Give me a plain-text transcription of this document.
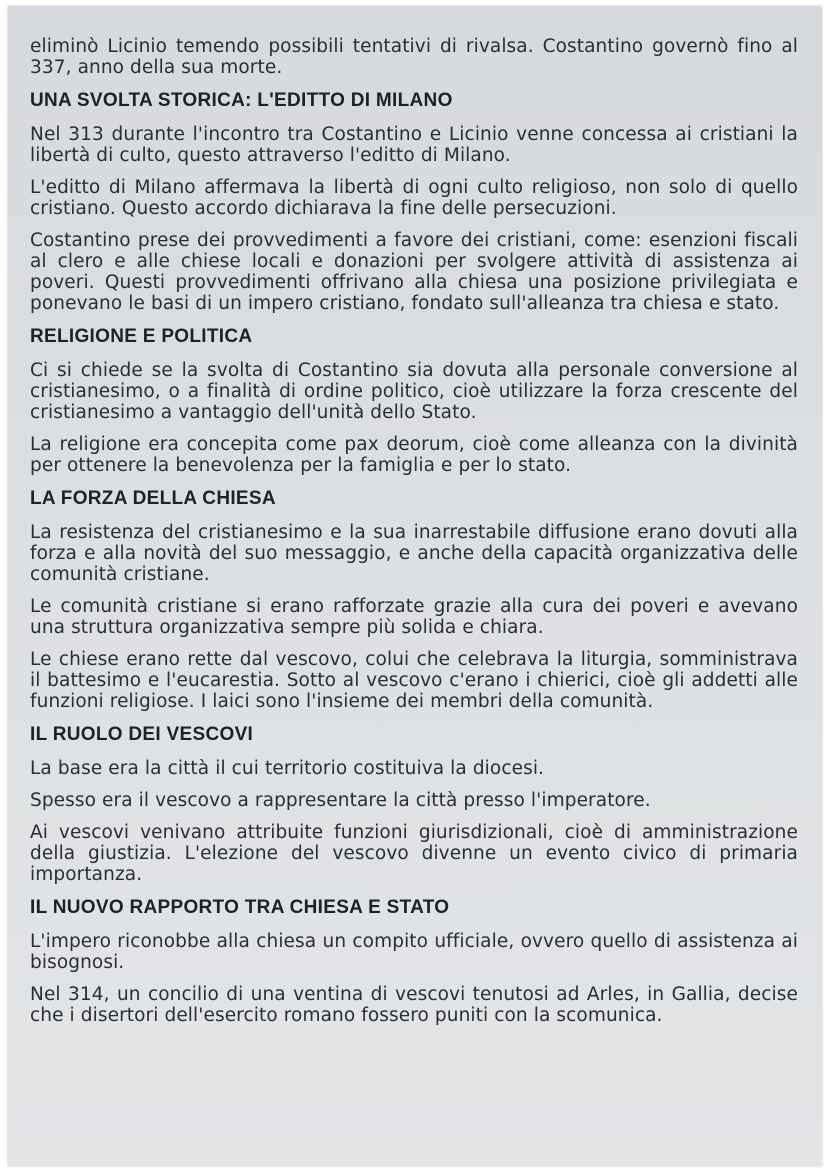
eliminò Licinio temendo possibili tentativi di rivalsa. Costantino governò fino al 337, anno della sua morte.

UNA SVOLTA STORICA: L'EDITTO DI MILANO

Nel 313 durante l'incontro tra Costantino e Licinio venne concessa ai cristiani la libertà di culto, questo attraverso l'editto di Milano.

L'editto di Milano affermava la libertà di ogni culto religioso, non solo di quello cristiano. Questo accordo dichiarava la fine delle persecuzioni.

Costantino prese dei provvedimenti a favore dei cristiani, come: esenzioni fiscali al clero e alle chiese locali e donazioni per svolgere attività di assistenza ai poveri. Questi provvedimenti offrivano alla chiesa una posizione privilegiata e ponevano le basi di un impero cristiano, fondato sull'alleanza tra chiesa e stato.

RELIGIONE E POLITICA

Ci si chiede se la svolta di Costantino sia dovuta alla personale conversione al cristianesimo, o a finalità di ordine politico, cioè utilizzare la forza crescente del cristianesimo a vantaggio dell'unità dello Stato.

La religione era concepita come pax deorum, cioè come alleanza con la divinità per ottenere la benevolenza per la famiglia e per lo stato.

LA FORZA DELLA CHIESA

La resistenza del cristianesimo e la sua inarrestabile diffusione erano dovuti alla forza e alla novità del suo messaggio, e anche della capacità organizzativa delle comunità cristiane.

Le comunità cristiane si erano rafforzate grazie alla cura dei poveri e avevano una struttura organizzativa sempre più solida e chiara.

Le chiese erano rette dal vescovo, colui che celebrava la liturgia, somministrava il battesimo e l'eucarestia. Sotto al vescovo c'erano i chierici, cioè gli addetti alle funzioni religiose. I laici sono l'insieme dei membri della comunità.

IL RUOLO DEI VESCOVI

La base era la città il cui territorio costituiva la diocesi.

Spesso era il vescovo a rappresentare la città presso l'imperatore.

Ai vescovi venivano attribuite funzioni giurisdizionali, cioè di amministrazione della giustizia. L'elezione del vescovo divenne un evento civico di primaria importanza.

IL NUOVO RAPPORTO TRA CHIESA E STATO

L'impero riconobbe alla chiesa un compito ufficiale, ovvero quello di assistenza ai bisognosi.

Nel 314, un concilio di una ventina di vescovi tenutosi ad Arles, in Gallia, decise che i disertori dell'esercito romano fossero puniti con la scomunica.
